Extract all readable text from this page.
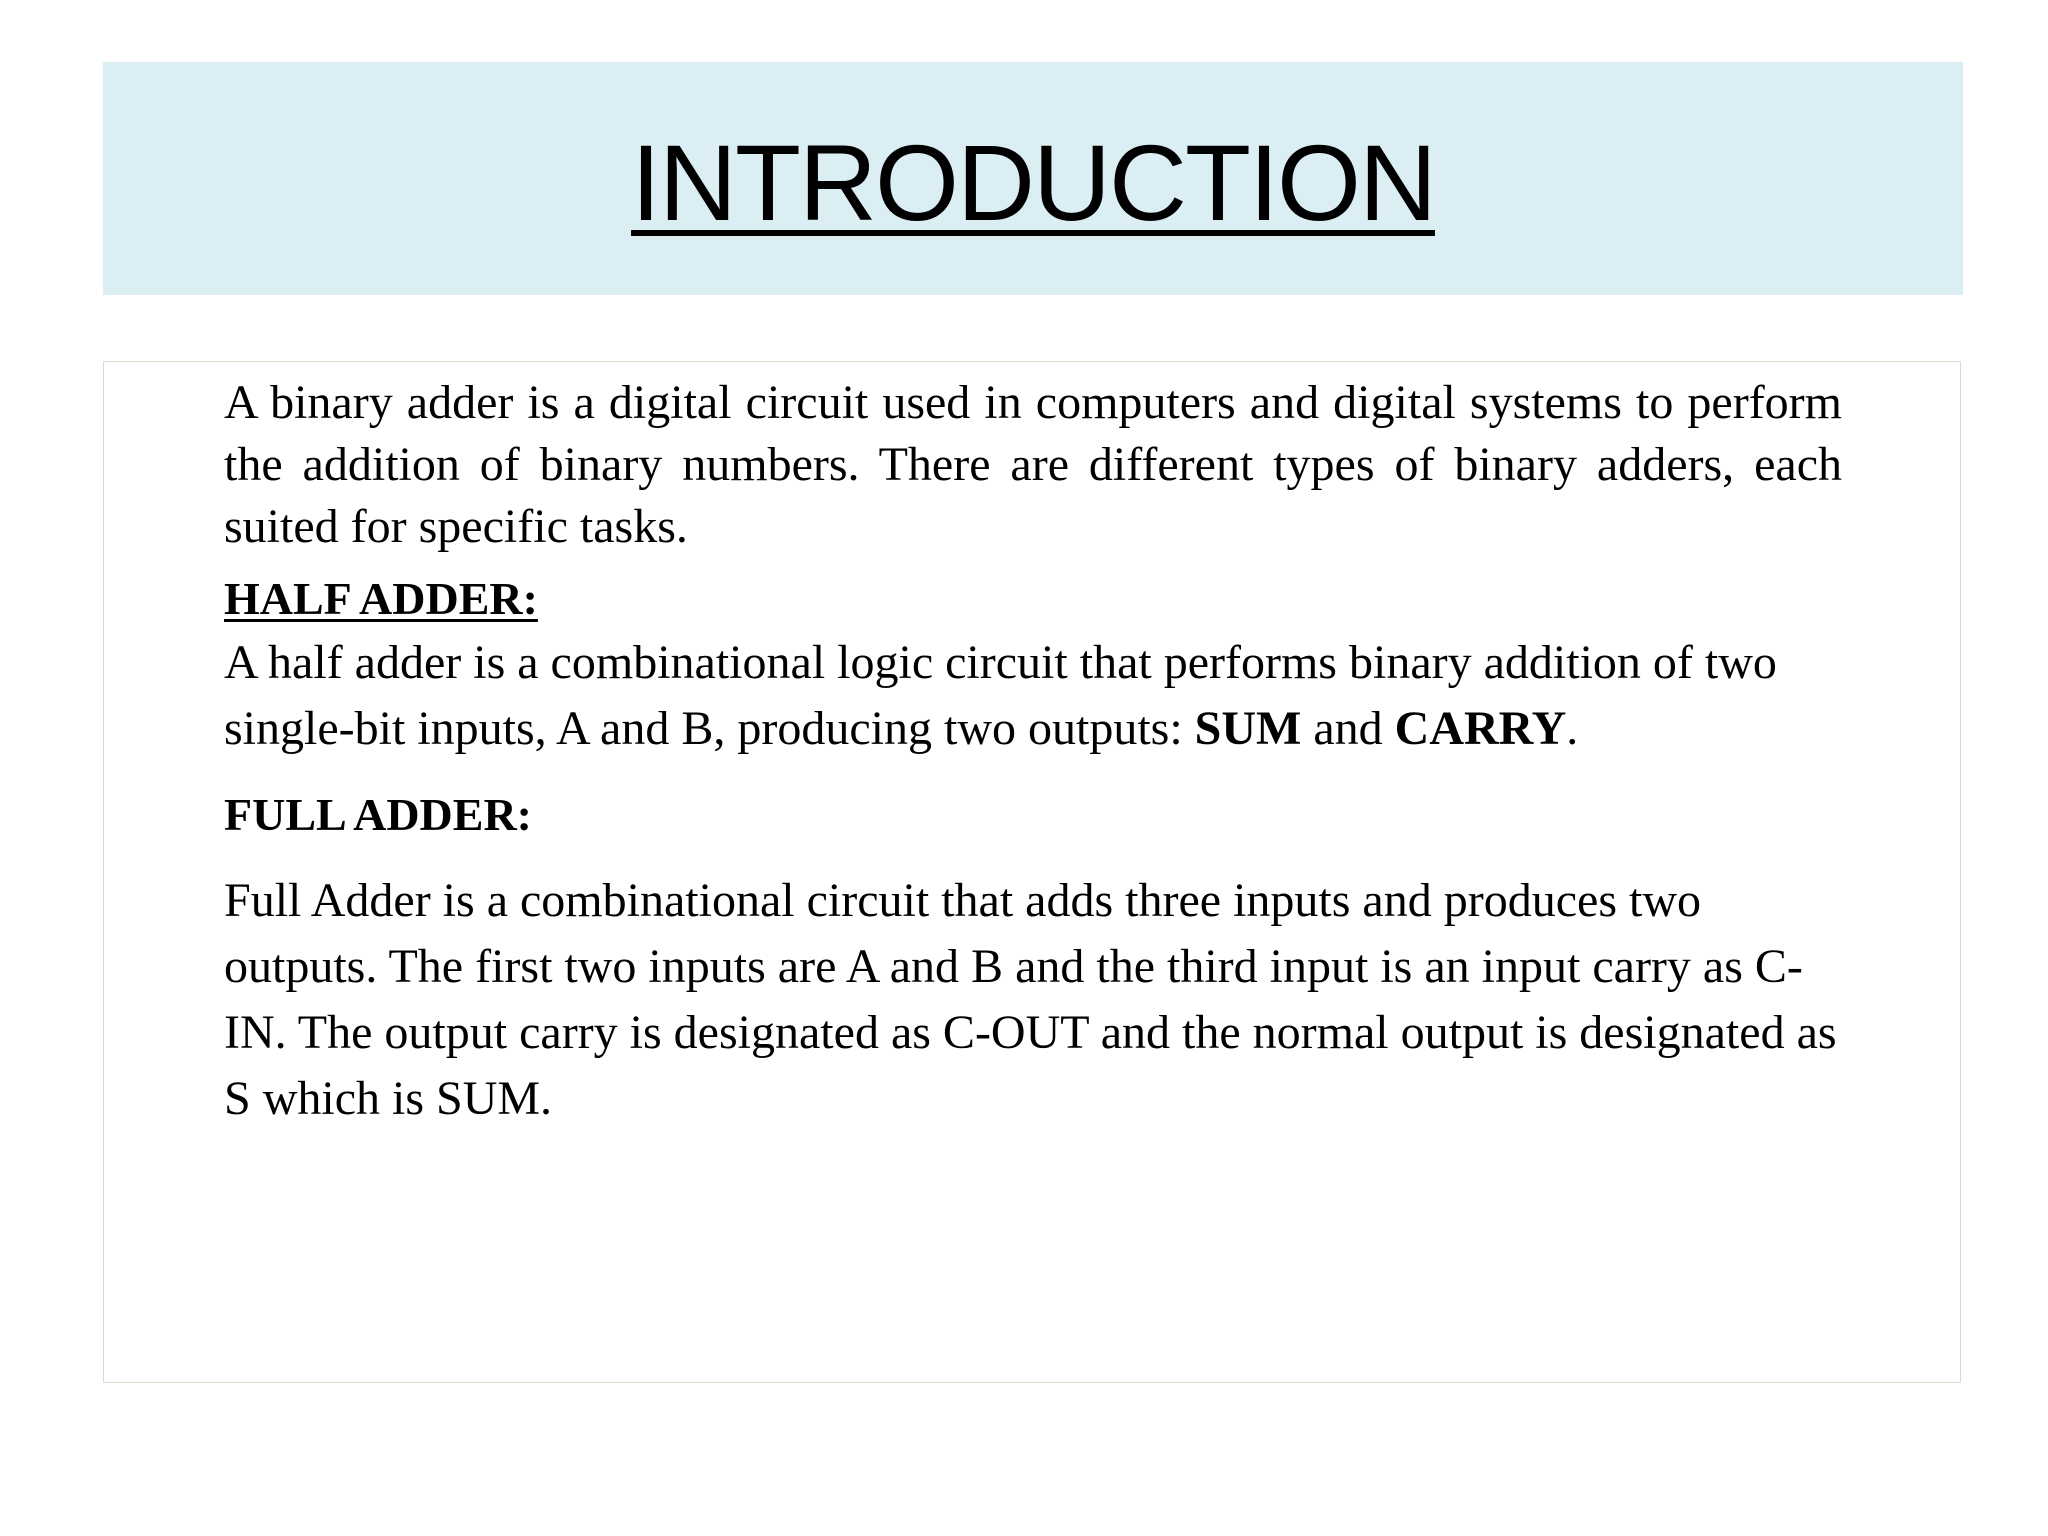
INTRODUCTION

A binary adder is a digital circuit used in computers and digital systems to perform the addition of binary numbers. There are different types of binary adders, each suited for specific tasks.

HALF ADDER:

A half adder is a combinational logic circuit that performs binary addition of two single-bit inputs, A and B, producing two outputs: SUM and CARRY.

FULL ADDER:

Full Adder is a combinational circuit that adds three inputs and produces two outputs. The first two inputs are A and B and the third input is an input carry as C-IN. The output carry is designated as C-OUT and the normal output is designated as S which is SUM.
